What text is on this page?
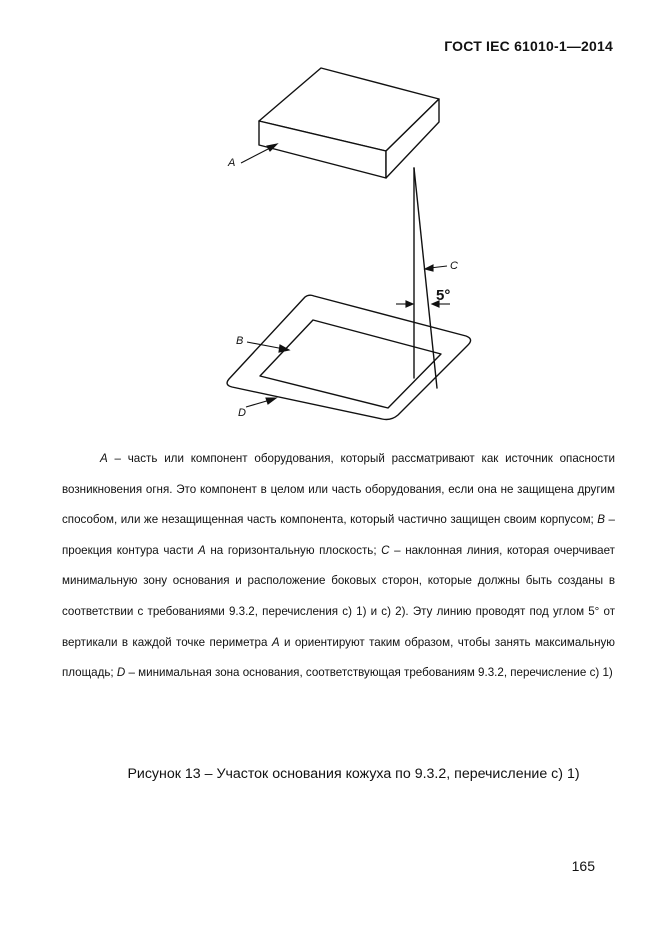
ГОСТ IEC 61010-1—2014
A
B
C
D
5°

A – часть или компонент оборудования, который рассматривают как источник опасности возникновения огня. Это компонент в целом или часть оборудования, если она не защищена другим способом, или же незащищенная часть компонента, который частично защищен своим корпусом; B – проекция контура части A на горизонтальную плоскость; C – наклонная линия, которая очерчивает минимальную зону основания и расположение боковых сторон, которые должны быть созданы в соответствии с требованиями 9.3.2, перечисления с) 1) и с) 2). Эту линию проводят под углом 5° от вертикали в каждой точке периметра A и ориентируют таким образом, чтобы занять максимальную площадь; D – минимальная зона основания, соответствующая требованиям 9.3.2, перечисление с) 1)

Рисунок 13 – Участок основания кожуха по 9.3.2, перечисление с) 1)
165
